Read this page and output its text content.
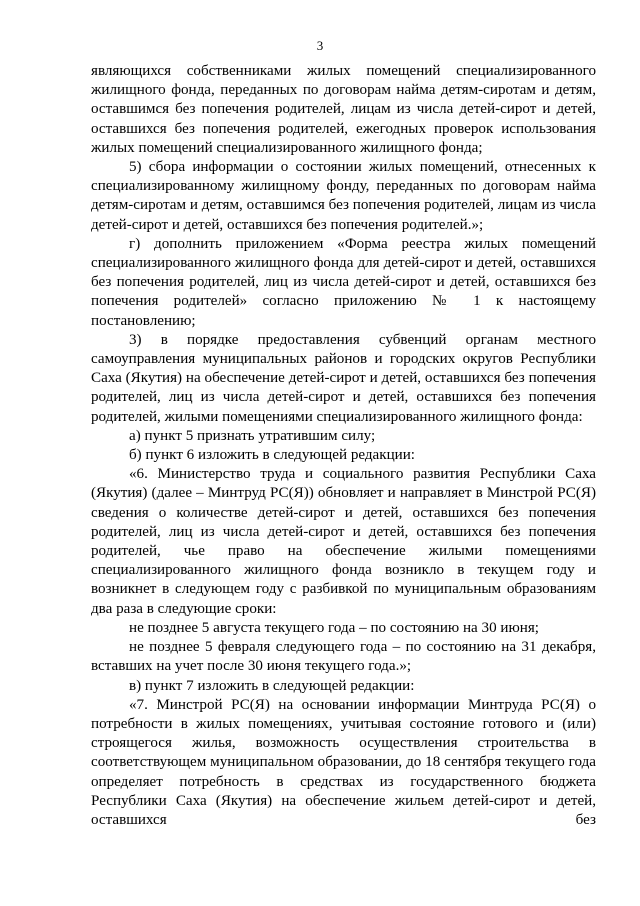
3

являющихся собственниками жилых помещений специализированного жилищного фонда, переданных по договорам найма детям-сиротам и детям, оставшимся без попечения родителей, лицам из числа детей-сирот и детей, оставшихся без попечения родителей, ежегодных проверок использования жилых помещений специализированного жилищного фонда;

5) сбора информации о состоянии жилых помещений, отнесенных к специализированному жилищному фонду, переданных по договорам найма детям-сиротам и детям, оставшимся без попечения родителей, лицам из числа детей-сирот и детей, оставшихся без попечения родителей.»;

г) дополнить приложением «Форма реестра жилых помещений специализированного жилищного фонда для детей-сирот и детей, оставшихся без попечения родителей, лиц из числа детей-сирот и детей, оставшихся без попечения родителей» согласно приложению № 1 к настоящему постановлению;

3) в порядке предоставления субвенций органам местного самоуправления муниципальных районов и городских округов Республики Саха (Якутия) на обеспечение детей-сирот и детей, оставшихся без попечения родителей, лиц из числа детей-сирот и детей, оставшихся без попечения родителей, жилыми помещениями специализированного жилищного фонда:

а) пункт 5 признать утратившим силу;

б) пункт 6 изложить в следующей редакции:

«6. Министерство труда и социального развития Республики Саха (Якутия) (далее – Минтруд РС(Я)) обновляет и направляет в Минстрой РС(Я) сведения о количестве детей-сирот и детей, оставшихся без попечения родителей, лиц из числа детей-сирот и детей, оставшихся без попечения родителей, чье право на обеспечение жилыми помещениями специализированного жилищного фонда возникло в текущем году и возникнет в следующем году с разбивкой по муниципальным образованиям два раза в следующие сроки:

не позднее 5 августа текущего года – по состоянию на 30 июня;

не позднее 5 февраля следующего года – по состоянию на 31 декабря, вставших на учет после 30 июня текущего года.»;

в) пункт 7 изложить в следующей редакции:

«7. Минстрой РС(Я) на основании информации Минтруда РС(Я) о потребности в жилых помещениях, учитывая состояние готового и (или) строящегося жилья, возможность осуществления строительства в соответствующем муниципальном образовании, до 18 сентября текущего года определяет потребность в средствах из государственного бюджета Республики Саха (Якутия) на обеспечение жильем детей-сирот и детей, оставшихся без
